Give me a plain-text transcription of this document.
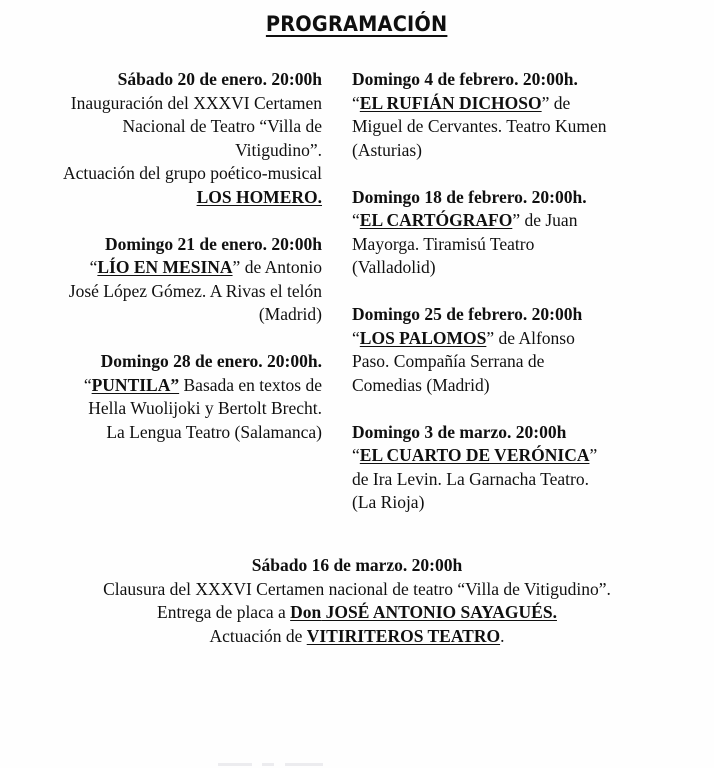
PROGRAMACIÓN
Sábado 20 de enero. 20:00h
Inauguración del XXXVI Certamen
Nacional de Teatro “Villa de
Vitigudino”.
Actuación del grupo poético-musical
LOS HOMERO.
Domingo 21 de enero. 20:00h
“LÍO EN MESINA” de Antonio
José López Gómez. A Rivas el telón
(Madrid)
Domingo 28 de enero. 20:00h.
“PUNTILA” Basada en textos de
Hella Wuolijoki y Bertolt Brecht.
La Lengua Teatro (Salamanca)
Domingo 4 de febrero. 20:00h.
“EL RUFIÁN DICHOSO” de
Miguel de Cervantes. Teatro Kumen
(Asturias)
Domingo 18 de febrero. 20:00h.
“EL CARTÓGRAFO” de Juan
Mayorga. Tiramisú Teatro
(Valladolid)
Domingo 25 de febrero. 20:00h
“LOS PALOMOS” de Alfonso
Paso. Compañía Serrana de
Comedias (Madrid)
Domingo 3 de marzo. 20:00h
“EL CUARTO DE VERÓNICA”
de Ira Levin. La Garnacha Teatro.
(La Rioja)
Sábado 16 de marzo. 20:00h
Clausura del XXXVI Certamen nacional de teatro “Villa de Vitigudino”.
Entrega de placa a Don JOSÉ ANTONIO SAYAGUÉS.
Actuación de VITIRITEROS TEATRO.
